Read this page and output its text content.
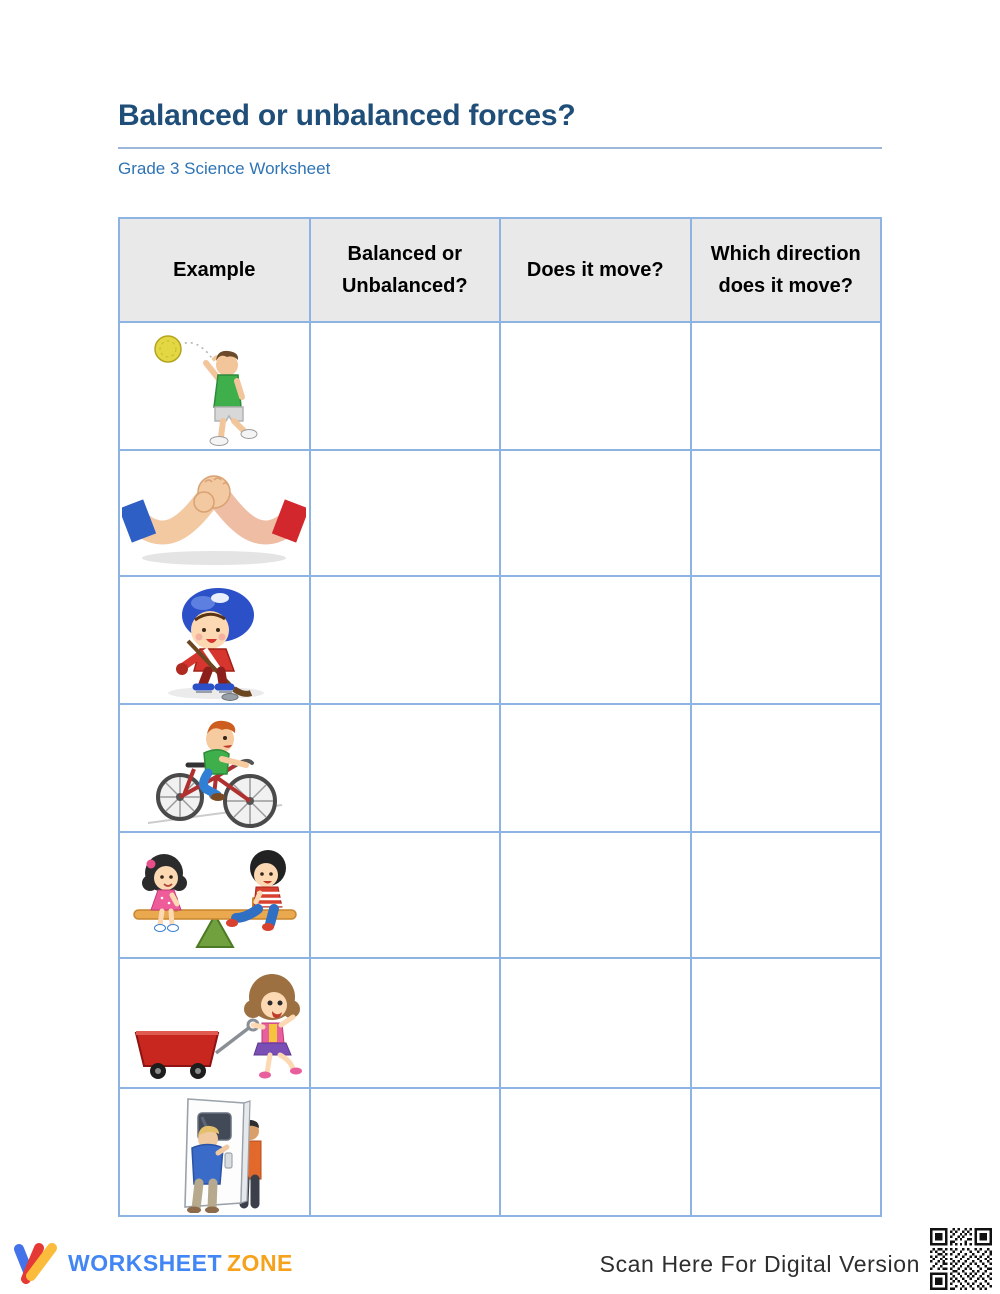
Balanced or unbalanced forces?
Grade 3 Science Worksheet
Example	Balanced or Unbalanced?	Does it move?	Which direction does it move?

WORKSHEET ZONE	Scan Here For Digital Version
